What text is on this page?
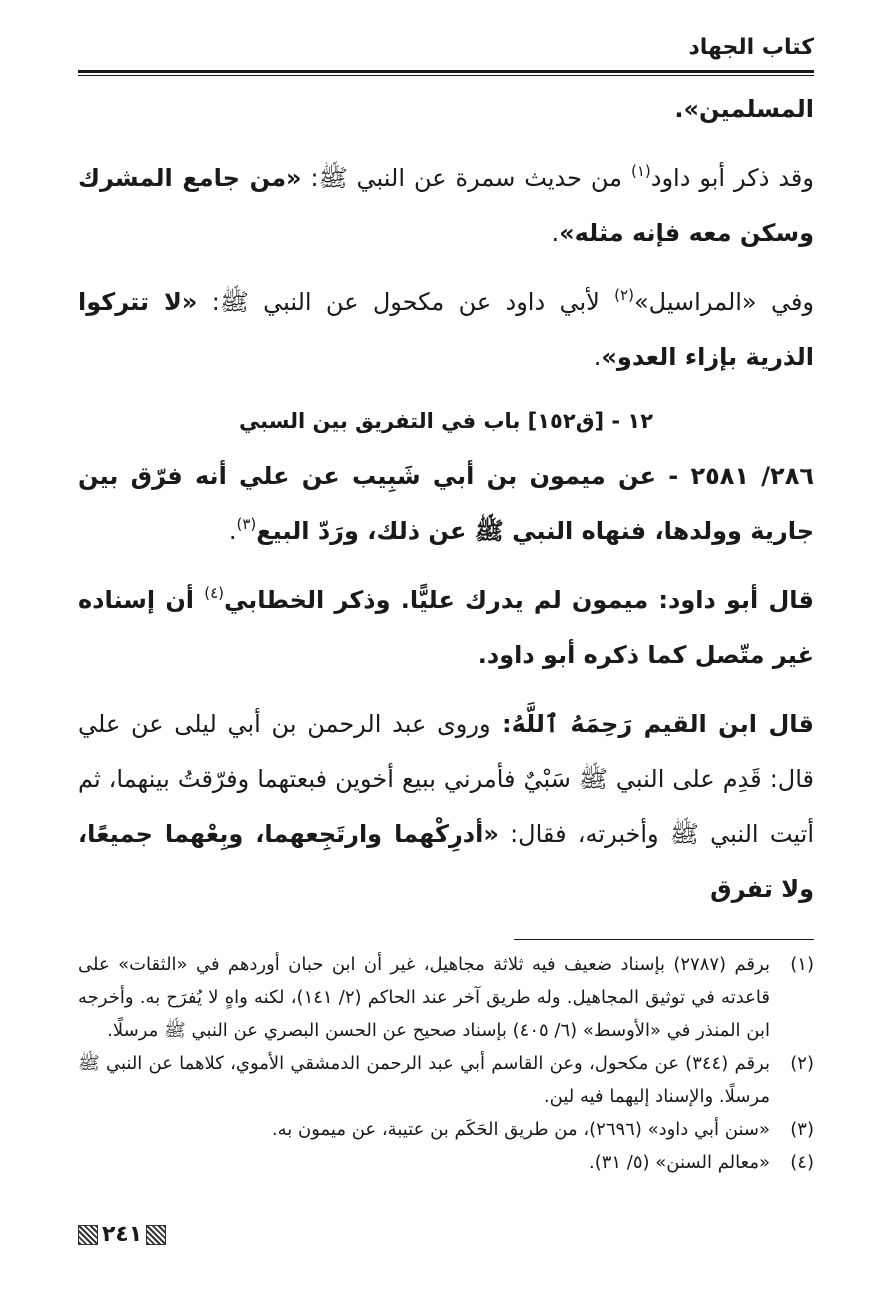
كتاب الجهاد

المسلمين».

وقد ذكر أبو داود$^{(١)}$ من حديث سمرة عن النبي ﷺ: «من جامع المشرك وسكن معه فإنه مثله».

وفي «المراسيل»$^{(٢)}$ لأبي داود عن مكحول عن النبي ﷺ: «لا تتركوا الذرية بإزاء العدو».

١٢ - [ق١٥٢] باب في التفريق بين السبي

٢٨٦/ ٢٥٨١ - عن ميمون بن أبي شَبِيب عن علي أنه فرّق بين جارية وولدها، فنهاه النبي ﷺ عن ذلك، ورَدّ البيع$^{(٣)}$.

قال أبو داود: ميمون لم يدرك عليًّا. وذكر الخطابي$^{(٤)}$ أن إسناده غير متّصل كما ذكره أبو داود.

قال ابن القيم رَحِمَهُ ٱللَّهُ: وروى عبد الرحمن بن أبي ليلى عن علي قال: قَدِم على النبي ﷺ سَبْيٌ فأمرني ببيع أخوين فبعتهما وفرّقتُ بينهما، ثم أتيت النبي ﷺ وأخبرته، فقال: «أدرِكْهما وارتَجِعهما، وبِعْهما جميعًا، ولا تفرق

(١)
برقم (٢٧٨٧) بإسناد ضعيف فيه ثلاثة مجاهيل، غير أن ابن حبان أوردهم في «الثقات» على قاعدته في توثيق المجاهيل. وله طريق آخر عند الحاكم (٢/ ١٤١)، لكنه واهٍ لا يُفرَح به. وأخرجه ابن المنذر في «الأوسط» (٦/ ٤٠٥) بإسناد صحيح عن الحسن البصري عن النبي ﷺ مرسلًا.
(٢)
برقم (٣٤٤) عن مكحول، وعن القاسم أبي عبد الرحمن الدمشقي الأموي، كلاهما عن النبي ﷺ مرسلًا. والإسناد إليهما فيه لين.
(٣)
«سنن أبي داود» (٢٦٩٦)، من طريق الحَكَم بن عتيبة، عن ميمون به.
(٤)
«معالم السنن» (٥/ ٣١).
٢٤١
